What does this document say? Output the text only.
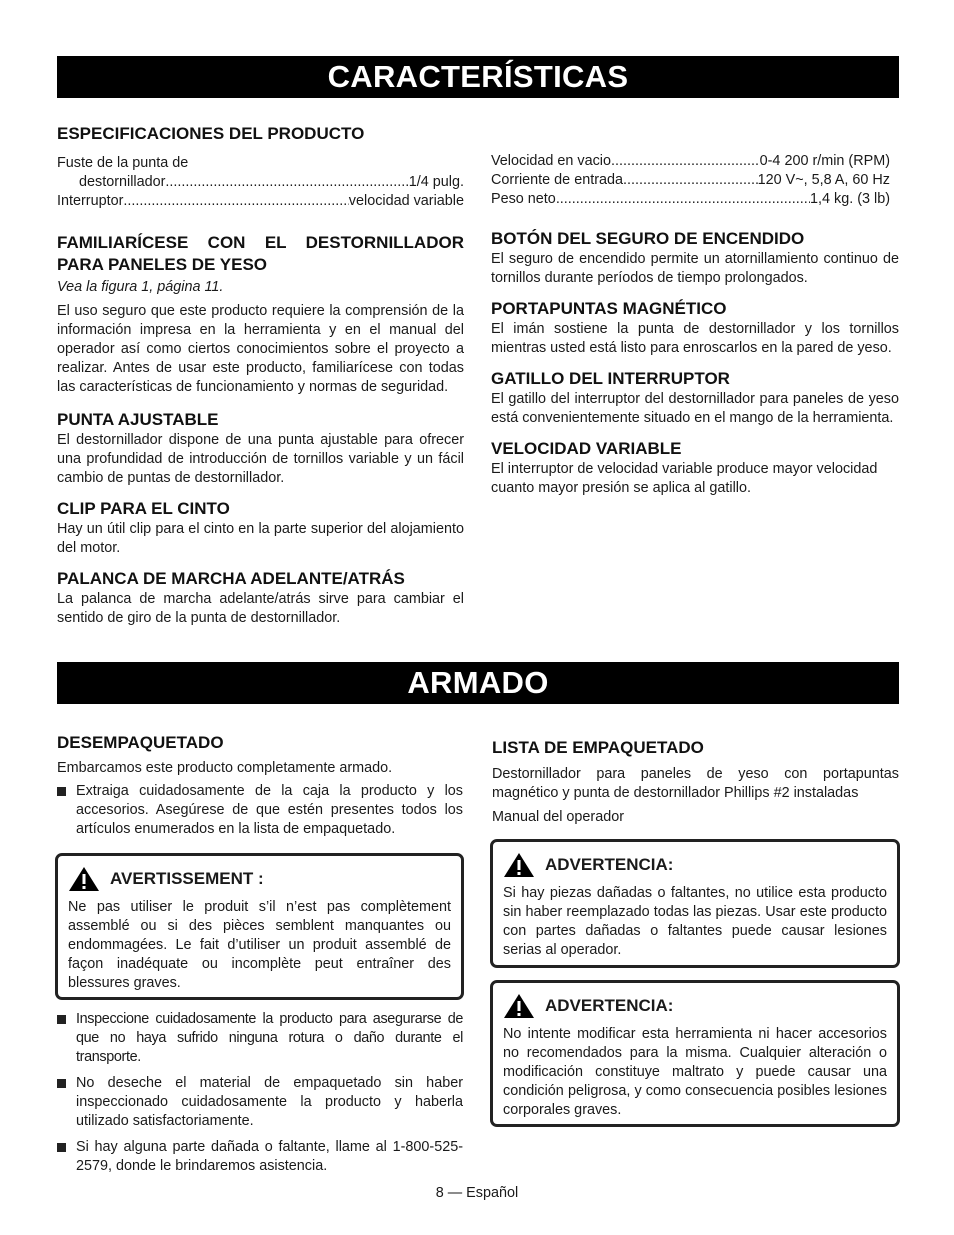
CARACTERÍSTICAS
ESPECIFICACIONES DEL PRODUCTO
Fuste de la punta de
destornillador .....	1/4 pulg.
Interruptor .....	velocidad variable
FAMILIARÍCESE CON EL DESTORNILLADOR PARA PANELES DE YESO

Vea la figura 1, página 11.

El uso seguro que este producto requiere la comprensión de la información impresa en la herramienta y en el manual del operador así como ciertos conocimientos sobre el proyecto a realizar. Antes de usar este producto, familiarícese con todas las características de funcionamiento y normas de seguridad.

PUNTA AJUSTABLE

El destornillador dispone de una punta ajustable para ofrecer una profundidad de introducción de tornillos variable y un fácil cambio de puntas de destornillador.

CLIP PARA EL CINTO

Hay un útil clip para el cinto en la parte superior del alojamiento del motor.

PALANCA DE MARCHA ADELANTE/ATRÁS

La palanca de marcha adelante/atrás sirve para cambiar el sentido de giro de la punta de destornillador.

Velocidad en vacio .....	0-4 200 r/min (RPM)
Corriente de entrada .....	120 V~, 5,8 A, 60 Hz
Peso neto .....	1,4 kg. (3 lb)
BOTÓN DEL SEGURO DE ENCENDIDO

El seguro de encendido permite un atornillamiento continuo de tornillos durante períodos de tiempo prolongados.

PORTAPUNTAS MAGNÉTICO

El imán sostiene la punta de destornillador y los tornillos mientras usted está listo para enroscarlos en la pared de yeso.

GATILLO DEL INTERRUPTOR

El gatillo del interruptor del destornillador para paneles de yeso está convenientemente situado en el mango de la herramienta.

VELOCIDAD VARIABLE

El interruptor de velocidad variable produce mayor velocidad cuanto mayor presión se aplica al gatillo.

ARMADO
DESEMPAQUETADO

Embarcamos este producto completamente armado.

Extraiga cuidadosamente de la caja la producto y los accesorios. Asegúrese de que estén presentes todos los artículos enumerados en la lista de empaquetado.
AVERTISSEMENT :

Ne pas utiliser le produit s’il n’est pas complètement assemblé ou si des pièces semblent manquantes ou endommagées. Le fait d’utiliser un produit assemblé de façon inadéquate ou incomplète peut entraîner des blessures graves.

Inspeccione cuidadosamente la producto para asegurarse de que no haya sufrido ninguna rotura o daño durante el transporte.
No deseche el material de empaquetado sin haber inspeccionado cuidadosamente la producto y haberla utilizado satisfactoriamente.
Si hay alguna parte dañada o faltante, llame al 1-800-525-2579, donde le brindaremos asistencia.
LISTA DE EMPAQUETADO

Destornillador para paneles de yeso con portapuntas magnético y punta de destornillador Phillips #2 instaladas

Manual del operador

ADVERTENCIA:

Si hay piezas dañadas o faltantes, no utilice esta producto sin haber reemplazado todas las piezas. Usar este producto con partes dañadas o faltantes puede causar lesiones serias al operador.

ADVERTENCIA:

No intente modificar esta herramienta ni hacer accesorios no recomendados para la misma. Cualquier alteración o modificación constituye maltrato y puede causar una condición peligrosa, y como consecuencia posibles lesiones corporales graves.

8 — Español
